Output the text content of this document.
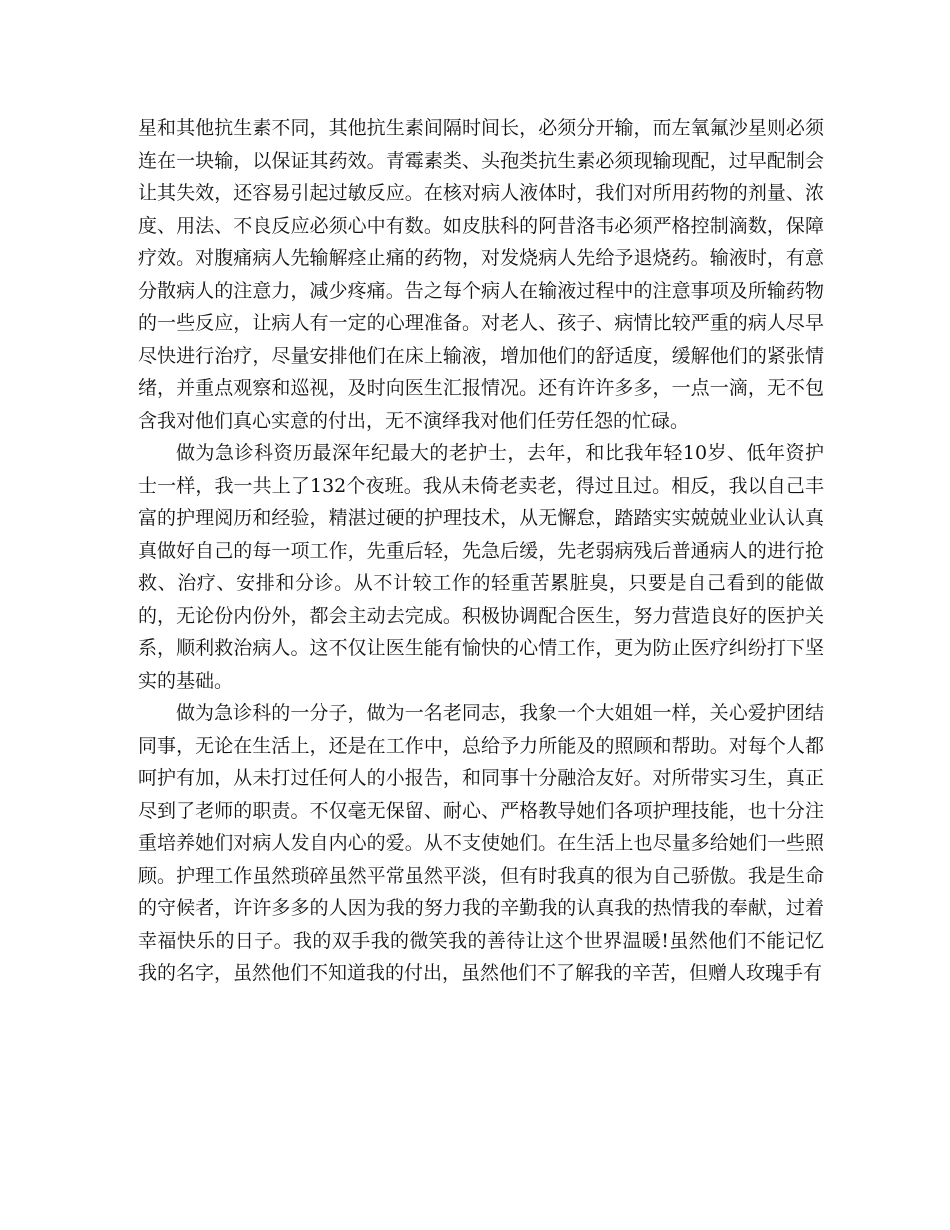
星和其他抗生素不同，其他抗生素间隔时间长，必须分开输，而左氧氟沙星则必须连在一块输，以保证其药效。青霉素类、头孢类抗生素必须现输现配，过早配制会让其失效，还容易引起过敏反应。在核对病人液体时，我们对所用药物的剂量、浓度、用法、不良反应必须心中有数。如皮肤科的阿昔洛韦必须严格控制滴数，保障疗效。对腹痛病人先输解痉止痛的药物，对发烧病人先给予退烧药。输液时，有意分散病人的注意力，减少疼痛。告之每个病人在输液过程中的注意事项及所输药物的一些反应，让病人有一定的心理准备。对老人、孩子、病情比较严重的病人尽早尽快进行治疗，尽量安排他们在床上输液，增加他们的舒适度，缓解他们的紧张情绪，并重点观察和巡视，及时向医生汇报情况。还有许许多多，一点一滴，无不包含我对他们真心实意的付出，无不演绎我对他们任劳任怨的忙碌。

做为急诊科资历最深年纪最大的老护士，去年，和比我年轻10岁、低年资护士一样，我一共上了132个夜班。我从未倚老卖老，得过且过。相反，我以自己丰富的护理阅历和经验，精湛过硬的护理技术，从无懈怠，踏踏实实兢兢业业认认真真做好自己的每一项工作，先重后轻，先急后缓，先老弱病残后普通病人的进行抢救、治疗、安排和分诊。从不计较工作的轻重苦累脏臭，只要是自己看到的能做的，无论份内份外，都会主动去完成。积极协调配合医生，努力营造良好的医护关系，顺利救治病人。这不仅让医生能有愉快的心情工作，更为防止医疗纠纷打下坚实的基础。

做为急诊科的一分子，做为一名老同志，我象一个大姐姐一样，关心爱护团结同事，无论在生活上，还是在工作中，总给予力所能及的照顾和帮助。对每个人都呵护有加，从未打过任何人的小报告，和同事十分融洽友好。对所带实习生，真正尽到了老师的职责。不仅毫无保留、耐心、严格教导她们各项护理技能，也十分注重培养她们对病人发自内心的爱。从不支使她们。在生活上也尽量多给她们一些照顾。护理工作虽然琐碎虽然平常虽然平淡，但有时我真的很为自己骄傲。我是生命的守候者，许许多多的人因为我的努力我的辛勤我的认真我的热情我的奉献，过着幸福快乐的日子。我的双手我的微笑我的善待让这个世界温暖!虽然他们不能记忆我的名字，虽然他们不知道我的付出，虽然他们不了解我的辛苦，但赠人玫瑰手有
